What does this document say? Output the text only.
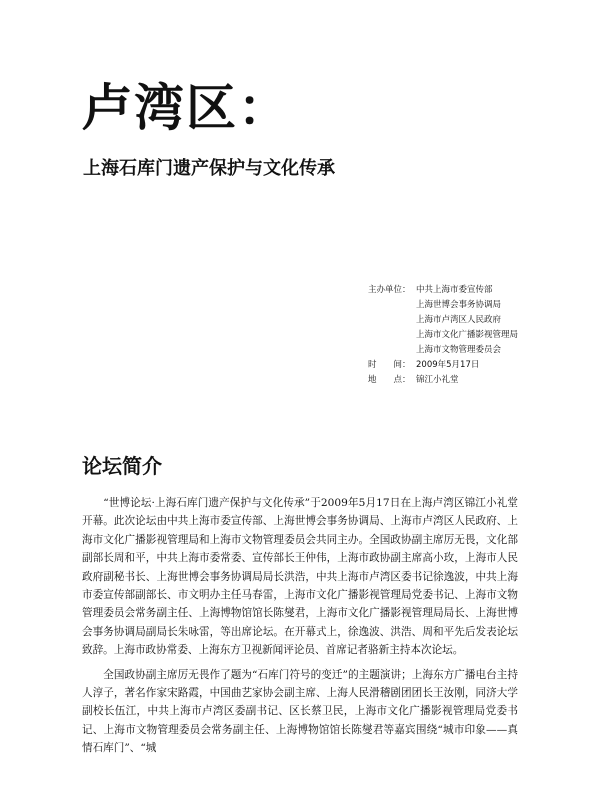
卢湾区：
上海石库门遗产保护与文化传承
主办单位： 中共上海市委宣传部
上海世博会事务协调局
上海市卢湾区人民政府
上海市文化广播影视管理局
上海市文物管理委员会
时　　间： 2009年5月17日
地　　点： 锦江小礼堂
论坛简介

“世博论坛·上海石库门遗产保护与文化传承”于2009年5月17日在上海卢湾区锦江小礼堂开幕。此次论坛由中共上海市委宣传部、上海世博会事务协调局、上海市卢湾区人民政府、上海市文化广播影视管理局和上海市文物管理委员会共同主办。全国政协副主席厉无畏，文化部副部长周和平，中共上海市委常委、宣传部长王仲伟，上海市政协副主席高小玫，上海市人民政府副秘书长、上海世博会事务协调局局长洪浩，中共上海市卢湾区委书记徐逸波，中共上海市委宣传部副部长、市文明办主任马春雷，上海市文化广播影视管理局党委书记、上海市文物管理委员会常务副主任、上海博物馆馆长陈燮君，上海市文化广播影视管理局局长、上海世博会事务协调局副局长朱咏雷，等出席论坛。在开幕式上，徐逸波、洪浩、周和平先后发表论坛致辞。上海市政协常委、上海东方卫视新闻评论员、首席记者骆新主持本次论坛。

全国政协副主席厉无畏作了题为“石库门符号的变迁”的主题演讲；上海东方广播电台主持人淳子，著名作家宋路霞，中国曲艺家协会副主席、上海人民滑稽剧团团长王汝刚，同济大学副校长伍江，中共上海市卢湾区委副书记、区长蔡卫民，上海市文化广播影视管理局党委书记、上海市文物管理委员会常务副主任、上海博物馆馆长陈燮君等嘉宾围绕“城市印象——真情石库门”、“城
